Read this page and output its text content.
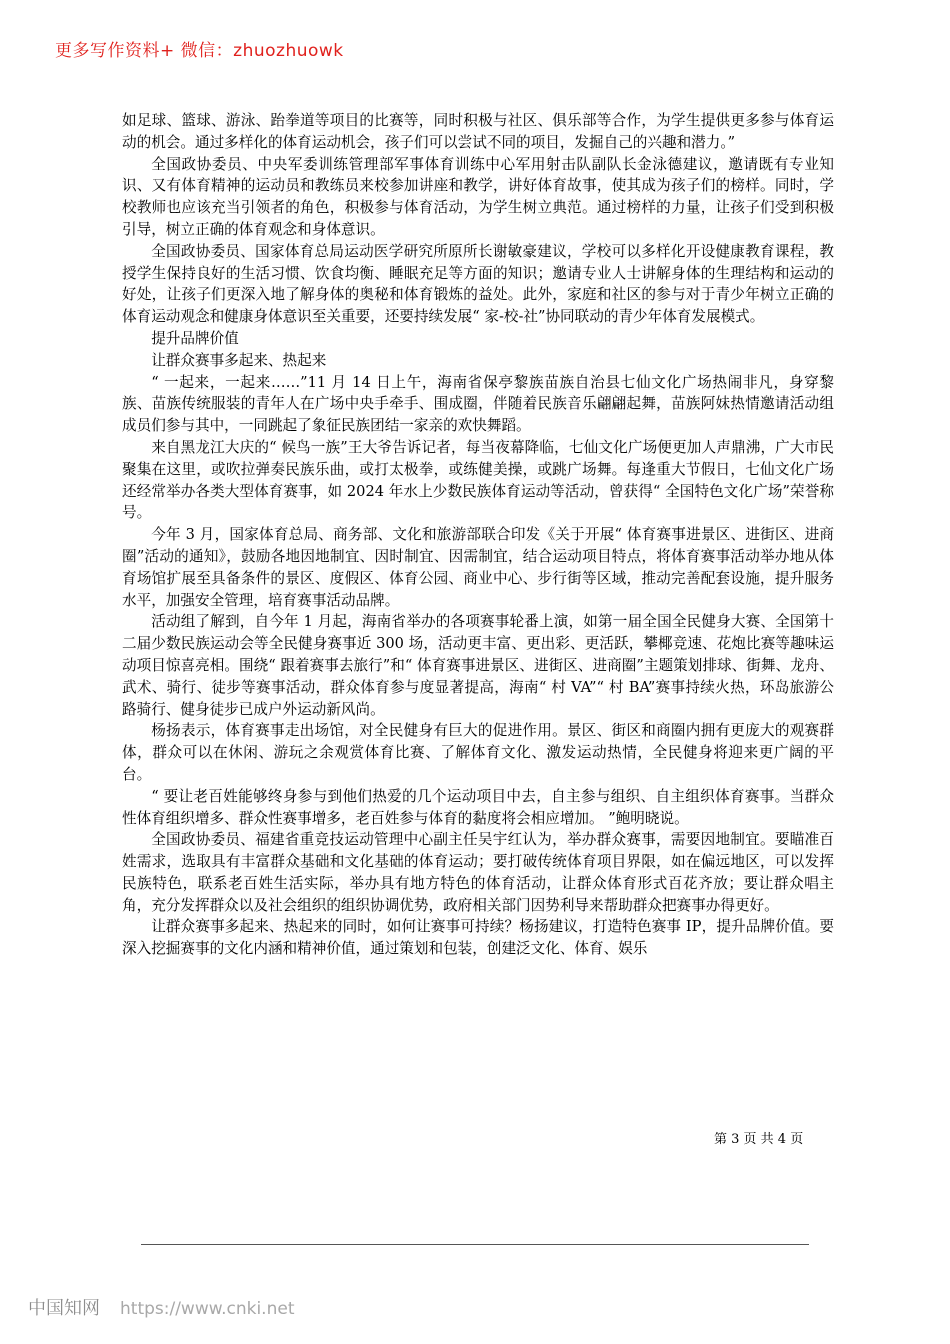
更多写作资料+ 微信：zhuozhuowk

如足球、篮球、游泳、跆拳道等项目的比赛等，同时积极与社区、俱乐部等合作，为学生提供更多参与体育运动的机会。通过多样化的体育运动机会，孩子们可以尝试不同的项目，发掘自己的兴趣和潜力。”

全国政协委员、中央军委训练管理部军事体育训练中心军用射击队副队长金泳德建议，邀请既有专业知识、又有体育精神的运动员和教练员来校参加讲座和教学，讲好体育故事，使其成为孩子们的榜样。同时，学校教师也应该充当引领者的角色，积极参与体育活动，为学生树立典范。通过榜样的力量，让孩子们受到积极引导，树立正确的体育观念和身体意识。

全国政协委员、国家体育总局运动医学研究所原所长谢敏豪建议，学校可以多样化开设健康教育课程，教授学生保持良好的生活习惯、饮食均衡、睡眠充足等方面的知识；邀请专业人士讲解身体的生理结构和运动的好处，让孩子们更深入地了解身体的奥秘和体育锻炼的益处。此外，家庭和社区的参与对于青少年树立正确的体育运动观念和健康身体意识至关重要，还要持续发展“ 家-校-社”协同联动的青少年体育发展模式。

提升品牌价值

让群众赛事多起来、热起来

“ 一起来，一起来……”11 月 14 日上午，海南省保亭黎族苗族自治县七仙文化广场热闹非凡，身穿黎族、苗族传统服装的青年人在广场中央手牵手、围成圈，伴随着民族音乐翩翩起舞，苗族阿妹热情邀请活动组成员们参与其中，一同跳起了象征民族团结一家亲的欢快舞蹈。

来自黑龙江大庆的“ 候鸟一族”王大爷告诉记者，每当夜幕降临，七仙文化广场便更加人声鼎沸，广大市民聚集在这里，或吹拉弹奏民族乐曲，或打太极拳，或练健美操，或跳广场舞。每逢重大节假日，七仙文化广场还经常举办各类大型体育赛事，如 2024 年水上少数民族体育运动等活动，曾获得“ 全国特色文化广场”荣誉称号。

今年 3 月，国家体育总局、商务部、文化和旅游部联合印发《关于开展“ 体育赛事进景区、进街区、进商圈”活动的通知》，鼓励各地因地制宜、因时制宜、因需制宜，结合运动项目特点，将体育赛事活动举办地从体育场馆扩展至具备条件的景区、度假区、体育公园、商业中心、步行街等区域，推动完善配套设施，提升服务水平，加强安全管理，培育赛事活动品牌。

活动组了解到，自今年 1 月起，海南省举办的各项赛事轮番上演，如第一届全国全民健身大赛、全国第十二届少数民族运动会等全民健身赛事近 300 场，活动更丰富、更出彩、更活跃，攀椰竞速、花炮比赛等趣味运动项目惊喜亮相。围绕“ 跟着赛事去旅行”和“ 体育赛事进景区、进街区、进商圈”主题策划排球、街舞、龙舟、武术、骑行、徒步等赛事活动，群众体育参与度显著提高，海南“ 村 VA”“ 村 BA”赛事持续火热，环岛旅游公路骑行、健身徒步已成户外运动新风尚。

杨扬表示，体育赛事走出场馆，对全民健身有巨大的促进作用。景区、街区和商圈内拥有更庞大的观赛群体，群众可以在休闲、游玩之余观赏体育比赛、了解体育文化、激发运动热情，全民健身将迎来更广阔的平台。

“ 要让老百姓能够终身参与到他们热爱的几个运动项目中去，自主参与组织、自主组织体育赛事。当群众性体育组织增多、群众性赛事增多，老百姓参与体育的黏度将会相应增加。 ”鲍明晓说。

全国政协委员、福建省重竞技运动管理中心副主任吴宇红认为，举办群众赛事，需要因地制宜。要瞄准百姓需求，选取具有丰富群众基础和文化基础的体育运动；要打破传统体育项目界限，如在偏远地区，可以发挥民族特色，联系老百姓生活实际，举办具有地方特色的体育活动，让群众体育形式百花齐放；要让群众唱主角，充分发挥群众以及社会组织的组织协调优势，政府相关部门因势利导来帮助群众把赛事办得更好。

让群众赛事多起来、热起来的同时，如何让赛事可持续？杨扬建议，打造特色赛事 IP，提升品牌价值。要深入挖掘赛事的文化内涵和精神价值，通过策划和包装，创建泛文化、体育、娱乐

第 3 页 共 4 页
中国知网 https://www.cnki.net
